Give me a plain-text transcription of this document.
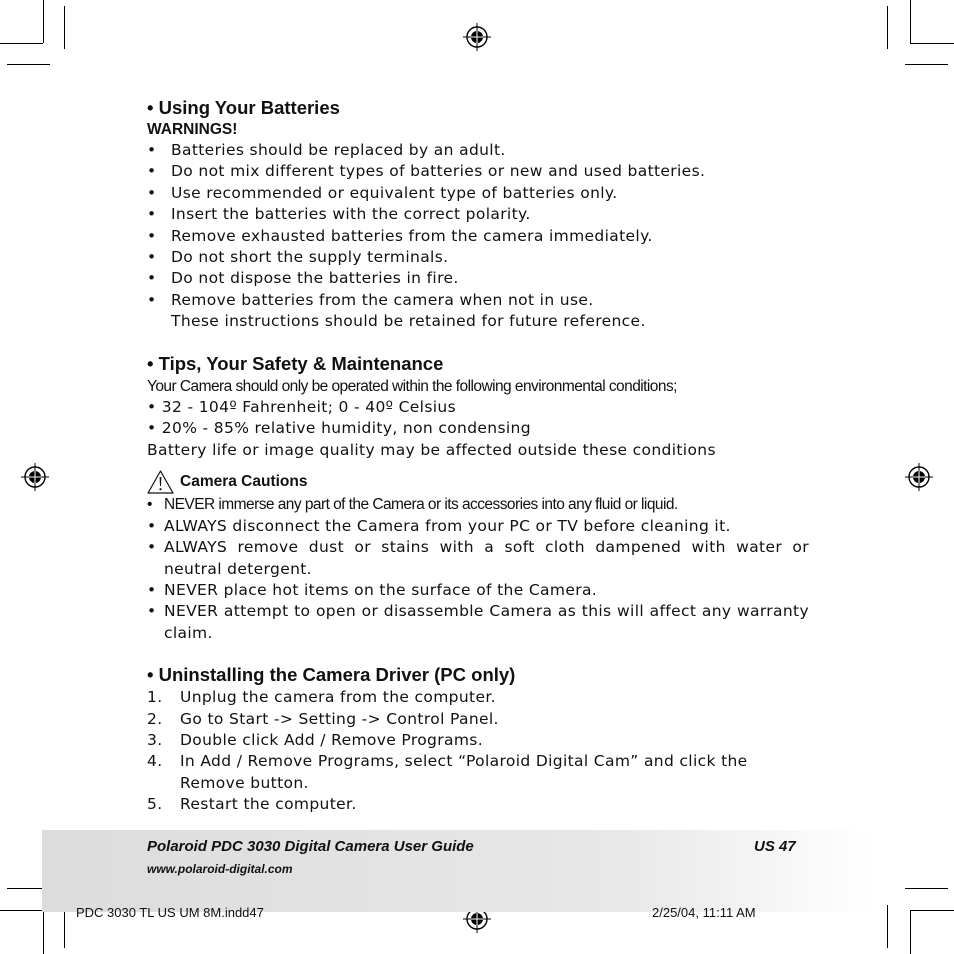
• Using Your Batteries
WARNINGS!
• Batteries should be replaced by an adult.
• Do not mix different types of batteries or new and used batteries.
• Use recommended or equivalent type of batteries only.
• Insert the batteries with the correct polarity.
• Remove exhausted batteries from the camera immediately.
• Do not short the supply terminals.
• Do not dispose the batteries in fire.
• Remove batteries from the camera when not in use.
These instructions should be retained for future reference.
• Tips, Your Safety & Maintenance
Your Camera should only be operated within the following environmental conditions;
• 32 - 104º Fahrenheit; 0 - 40º Celsius
• 20% - 85% relative humidity, non condensing
Battery life or image quality may be affected outside these conditions
Camera Cautions
• NEVER immerse any part of the Camera or its accessories into any fluid or liquid.
• ALWAYS disconnect the Camera from your PC or TV before cleaning it.
• ALWAYS remove dust or stains with a soft cloth dampened with water or neutral detergent.
• NEVER place hot items on the surface of the Camera.
• NEVER attempt to open or disassemble Camera as this will affect any warranty claim.
• Uninstalling the Camera Driver (PC only)
1. Unplug the camera from the computer.
2. Go to Start -> Setting -> Control Panel.
3. Double click Add / Remove Programs.
4. In Add / Remove Programs, select “Polaroid Digital Cam” and click the Remove button.
5. Restart the computer.
Polaroid PDC 3030 Digital Camera User Guide	US 47
www.polaroid-digital.com
PDC 3030 TL US UM 8M.indd47	2/25/04, 11:11 AM
